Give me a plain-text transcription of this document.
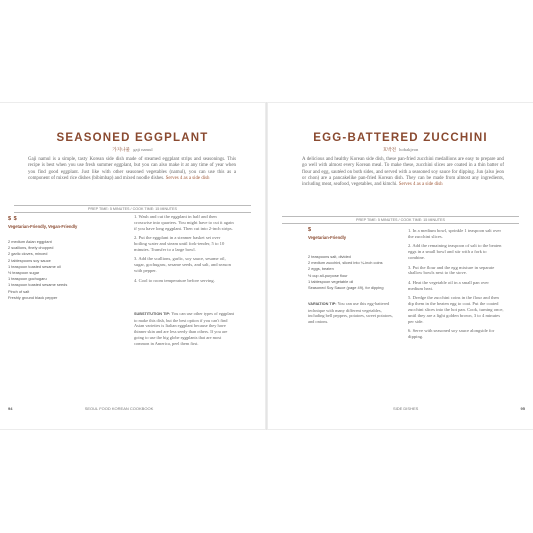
SEASONED EGGPLANT
가지나물 gaji namul
Gaji namul is a simple, tasty Korean side dish made of steamed eggplant strips and seasonings. This recipe is best when you use fresh summer eggplant, but you can also make it at any time of year when you find good eggplant. Just like with other seasoned vegetables (namul), you can use this as a component of mixed rice dishes (bibimbap) and mixed noodle dishes. Serves 4 as a side dish
PREP TIME: 5 MINUTES / COOK TIME: 15 MINUTES
$ $
Vegetarian-Friendly, Vegan-Friendly
2 medium Asian eggplant
2 scallions, finely chopped
2 garlic cloves, minced
2 tablespoons soy sauce
1 teaspoon toasted sesame oil
½ teaspoon sugar
1 teaspoon gochugaru
1 teaspoon toasted sesame seeds
Pinch of salt
Freshly ground black pepper
1. Wash and cut the eggplant in half and then crosswise into quarters. You might have to cut it again if you have long eggplant. Then cut into 2-inch strips.
2. Put the eggplant in a steamer basket set over boiling water and steam until fork-tender, 5 to 10 minutes. Transfer to a large bowl.
3. Add the scallions, garlic, soy sauce, sesame oil, sugar, gochugaru, sesame seeds, and salt, and season with pepper.
4. Cool to room temperature before serving.
SUBSTITUTION TIP: You can use other types of eggplant to make this dish, but the best option if you can't find Asian varieties is Italian eggplant because they have thinner skin and are less seedy than others. If you are going to use the big globe eggplants that are most common in America, peel them first.
94	SEOUL FOOD KOREAN COOKBOOK
EGG-BATTERED ZUCCHINI
호박전 hobakjeon
A delicious and healthy Korean side dish, these pan-fried zucchini medallions are easy to prepare and go well with almost every Korean meal. To make these, zucchini slices are coated in a thin batter of flour and egg, sautéed on both sides, and served with a seasoned soy sauce for dipping. Jun (also jeon or chon) are a pancakelike pan-fried Korean dish. They can be made from almost any ingredients, including meat, seafood, vegetables, and kimchi. Serves 4 as a side dish
PREP TIME: 5 MINUTES / COOK TIME: 15 MINUTES
$
Vegetarian-Friendly
2 teaspoons salt, divided
2 medium zucchini, sliced into ¼-inch coins
2 eggs, beaten
½ cup all-purpose flour
1 tablespoon vegetable oil
Seasoned Soy Sauce (page 49), for dipping
1. In a medium bowl, sprinkle 1 teaspoon salt over the zucchini slices.
2. Add the remaining teaspoon of salt to the beaten eggs in a small bowl and stir with a fork to combine.
3. Put the flour and the egg mixture in separate shallow bowls next to the stove.
4. Heat the vegetable oil in a small pan over medium heat.
5. Dredge the zucchini coins in the flour and then dip them in the beaten egg to coat. Put the coated zucchini slices into the hot pan. Cook, turning once, until they are a light golden brown, 3 to 4 minutes per side.
6. Serve with seasoned soy sauce alongside for dipping.
VARIATION TIP: You can use this egg-battered technique with many different vegetables, including bell peppers, potatoes, sweet potatoes, and onions.
SIDE DISHES	95
